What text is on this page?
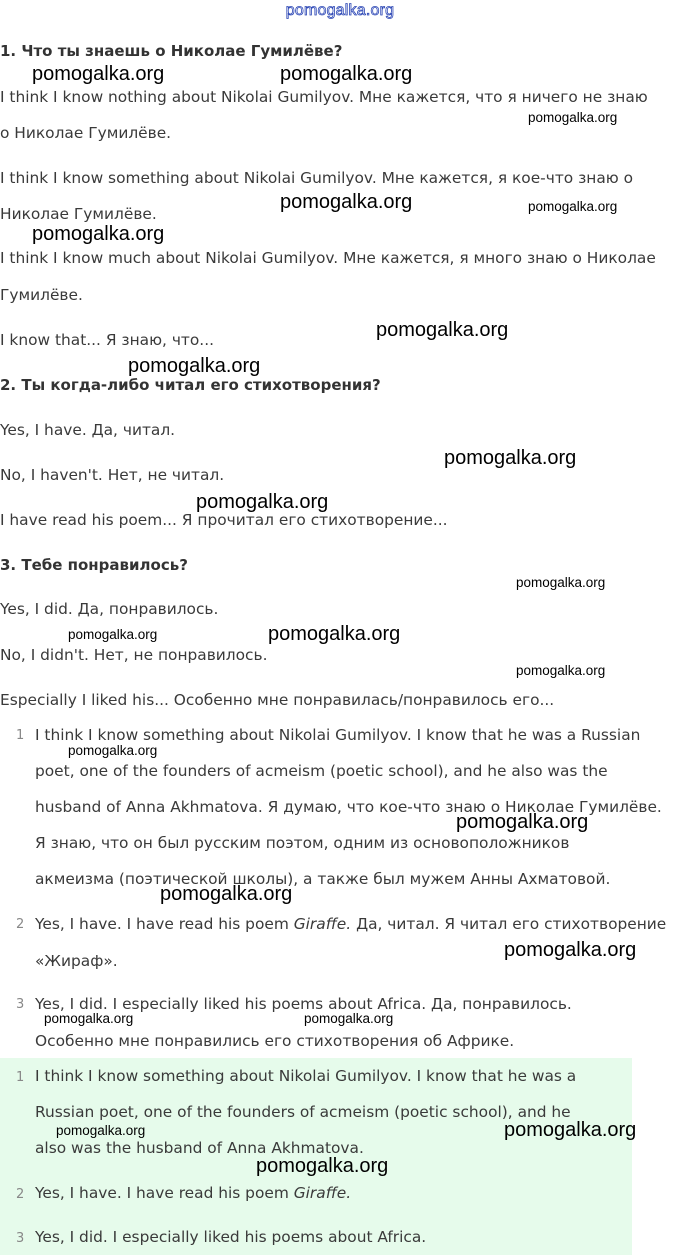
pomogalka.org
1. Что ты знаешь о Николае Гумилёве?
I think I know nothing about Nikolai Gumilyov. Мне кажется, что я ничего не знаю
о Николае Гумилёве.
I think I know something about Nikolai Gumilyov. Мне кажется, я кое-что знаю о
Николае Гумилёве.
I think I know much about Nikolai Gumilyov. Мне кажется, я много знаю о Николае
Гумилёве.
I know that... Я знаю, что...
2. Ты когда-либо читал его стихотворения?
Yes, I have. Да, читал.
No, I haven't. Нет, не читал.
I have read his poem... Я прочитал его стихотворение...
3. Тебе понравилось?
Yes, I did. Да, понравилось.
No, I didn't. Нет, не понравилось.
Especially I liked his... Особенно мне понравилась/понравилось его...
1 I think I know something about Nikolai Gumilyov. I know that he was a Russian
poet, one of the founders of acmeism (poetic school), and he also was the
husband of Anna Akhmatova. Я думаю, что кое-что знаю о Николае Гумилёве.
Я знаю, что он был русским поэтом, одним из основоположников
акмеизма (поэтической школы), а также был мужем Анны Ахматовой.
2 Yes, I have. I have read his poem Giraffe. Да, читал. Я читал его стихотворение
«Жираф».
3 Yes, I did. I especially liked his poems about Africa. Да, понравилось.
Особенно мне понравились его стихотворения об Африке.
1 I think I know something about Nikolai Gumilyov. I know that he was a
Russian poet, one of the founders of acmeism (poetic school), and he
also was the husband of Anna Akhmatova.
2 Yes, I have. I have read his poem Giraffe.
3 Yes, I did. I especially liked his poems about Africa.
pomogalka.org	pomogalka.org
pomogalka.org
pomogalka.org	pomogalka.org
pomogalka.org
pomogalka.org
pomogalka.org
pomogalka.org
pomogalka.org
pomogalka.org
pomogalka.org	pomogalka.org
pomogalka.org
pomogalka.org
pomogalka.org
pomogalka.org
pomogalka.org
pomogalka.org	pomogalka.org
pomogalka.org	pomogalka.org
pomogalka.org
